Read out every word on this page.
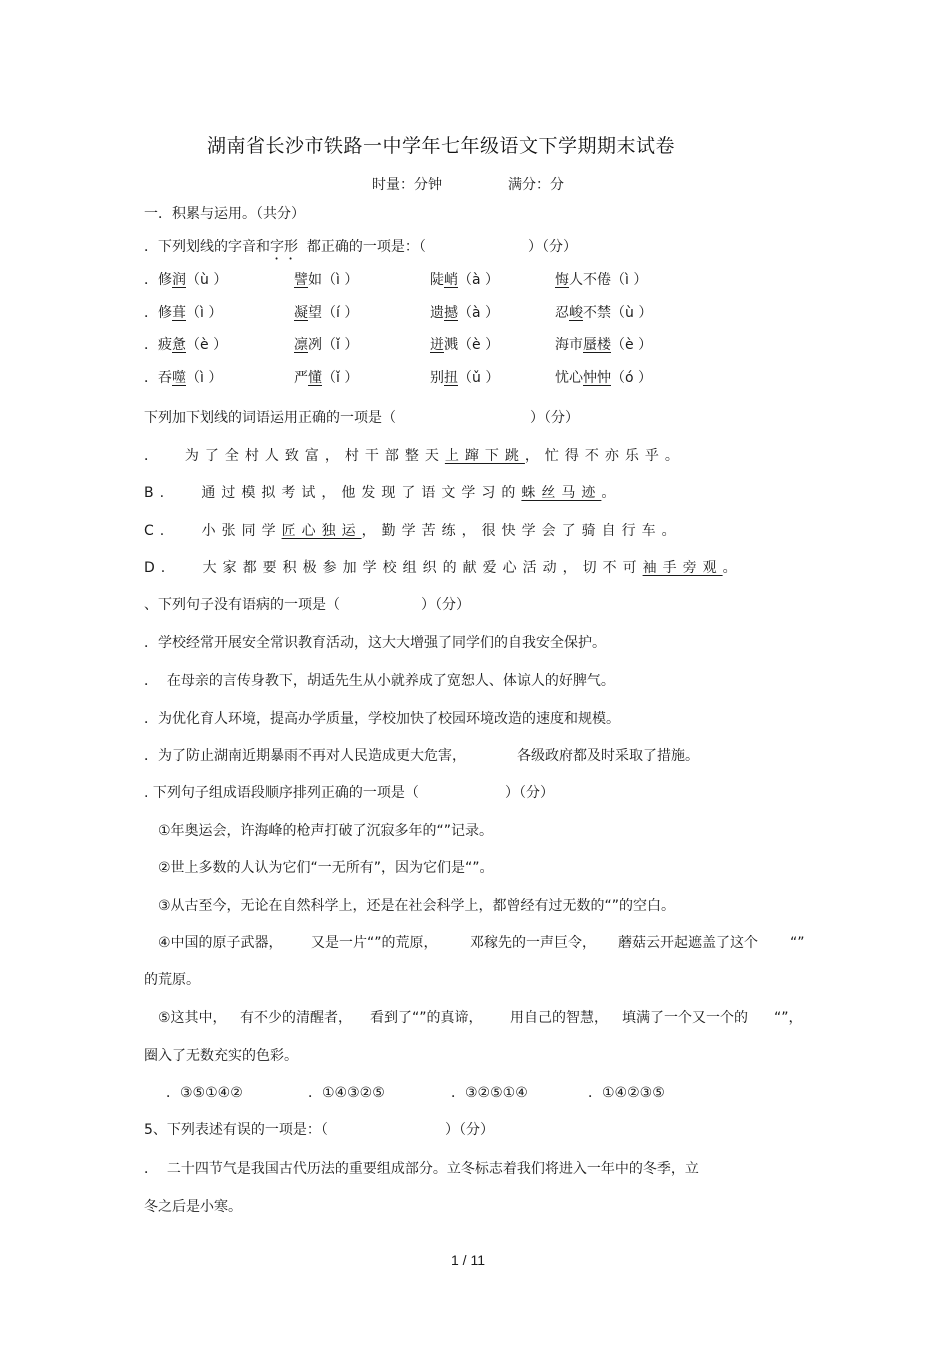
湖南省长沙市铁路一中学年七年级语文下学期期末试卷
时量：分钟	满分：分
一．积累与运用。（共分）
．下列划线的字音和字形 都正确的一项是：（	）（分）
．修润（ù ）	譬如（ì ）	陡峭（à ）	悔人不倦（ì ）
．修葺（ì ）	凝望（í ）	遗撼（à ）	忍峻不禁（ù ）
．疲惫（è ）	凛冽（ǐ ）	迸溅（è ）	海市蜃楼（è ）
．吞噬（ì ）	严懂（ǐ ）	别扭（ǔ ）	忧心忡忡（ó ）
下列加下划线的词语运用正确的一项是（	）（分）
．  为了全村人致富，村干部整天上蹿下跳，忙得不亦乐乎。
B.   通过模拟考试，他发现了语文学习的蛛丝马迹。
C.   小张同学匠心独运，勤学苦练，很快学会了骑自行车。
D.   大家都要积极参加学校组织的献爱心活动，切不可袖手旁观。
、下列句子没有语病的一项是（	）（分）
．学校经常开展安全常识教育活动，这大大增强了同学们的自我安全保护。
．  在母亲的言传身教下，胡适先生从小就养成了宽恕人、体谅人的好脾气。
．为优化育人环境，提高办学质量，学校加快了校园环境改造的速度和规模。
．为了防止湖南近期暴雨不再对人民造成更大危害，	各级政府都及时采取了措施。
. 下列句子组成语段顺序排列正确的一项是（	）（分）
①年奥运会，许海峰的枪声打破了沉寂多年的“”记录。
②世上多数的人认为它们“一无所有”，因为它们是“”。
③从古至今，无论在自然科学上，还是在社会科学上，都曾经有过无数的“”的空白。
④中国的原子武器， 又是一片“”的荒原， 邓稼先的一声巨令， 蘑菇云开起遮盖了这个 “”
的荒原。
⑤这其中， 有不少的清醒者， 看到了“”的真谛， 用自己的智慧， 填满了一个又一个的 “”，
圈入了无数充实的色彩。
．③⑤①④②	．①④③②⑤	．③②⑤①④	．①④②③⑤
5、下列表述有误的一项是：（	）（分）
．  二十四节气是我国古代历法的重要组成部分。立冬标志着我们将进入一年中的冬季，立
冬之后是小寒。
1 / 11
